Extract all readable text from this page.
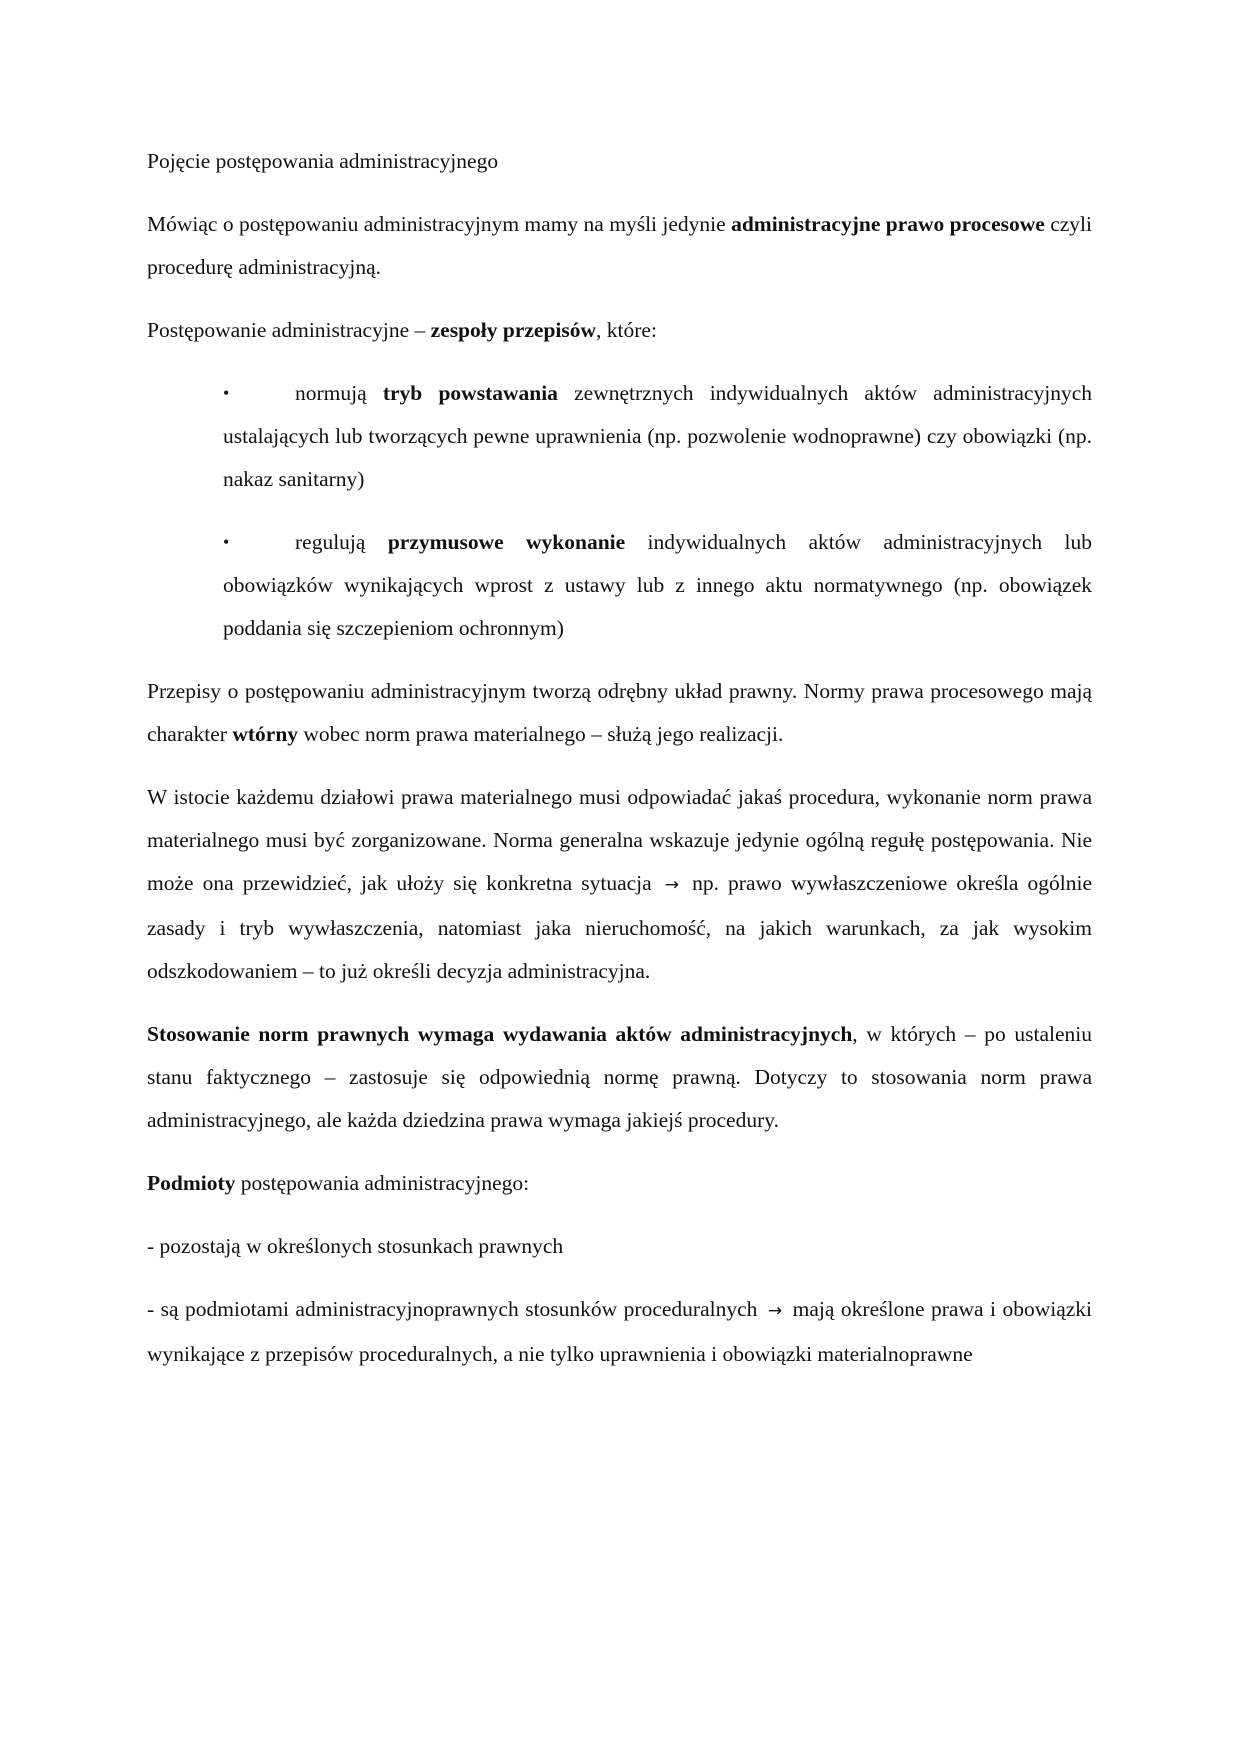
Pojęcie postępowania administracyjnego

Mówiąc o postępowaniu administracyjnym mamy na myśli jedynie administracyjne prawo procesowe czyli procedurę administracyjną.

Postępowanie administracyjne – zespoły przepisów, które:

•	normują tryb powstawania zewnętrznych indywidualnych aktów administracyjnych ustalających lub tworzących pewne uprawnienia (np. pozwolenie wodnoprawne) czy obowiązki (np. nakaz sanitarny)
•	regulują przymusowe wykonanie indywidualnych aktów administracyjnych lub obowiązków wynikających wprost z ustawy lub z innego aktu normatywnego (np. obowiązek poddania się szczepieniom ochronnym)

Przepisy o postępowaniu administracyjnym tworzą odrębny układ prawny. Normy prawa procesowego mają charakter wtórny wobec norm prawa materialnego – służą jego realizacji.

W istocie każdemu działowi prawa materialnego musi odpowiadać jakaś procedura, wykonanie norm prawa materialnego musi być zorganizowane. Norma generalna wskazuje jedynie ogólną regułę postępowania. Nie może ona przewidzieć, jak ułoży się konkretna sytuacja → np. prawo wywłaszczeniowe określa ogólnie zasady i tryb wywłaszczenia, natomiast jaka nieruchomość, na jakich warunkach, za jak wysokim odszkodowaniem – to już określi decyzja administracyjna.

Stosowanie norm prawnych wymaga wydawania aktów administracyjnych, w których – po ustaleniu stanu faktycznego – zastosuje się odpowiednią normę prawną. Dotyczy to stosowania norm prawa administracyjnego, ale każda dziedzina prawa wymaga jakiejś procedury.

Podmioty postępowania administracyjnego:

- pozostają w określonych stosunkach prawnych

- są podmiotami administracyjnoprawnych stosunków proceduralnych → mają określone prawa i obowiązki wynikające z przepisów proceduralnych, a nie tylko uprawnienia i obowiązki materialnoprawne
